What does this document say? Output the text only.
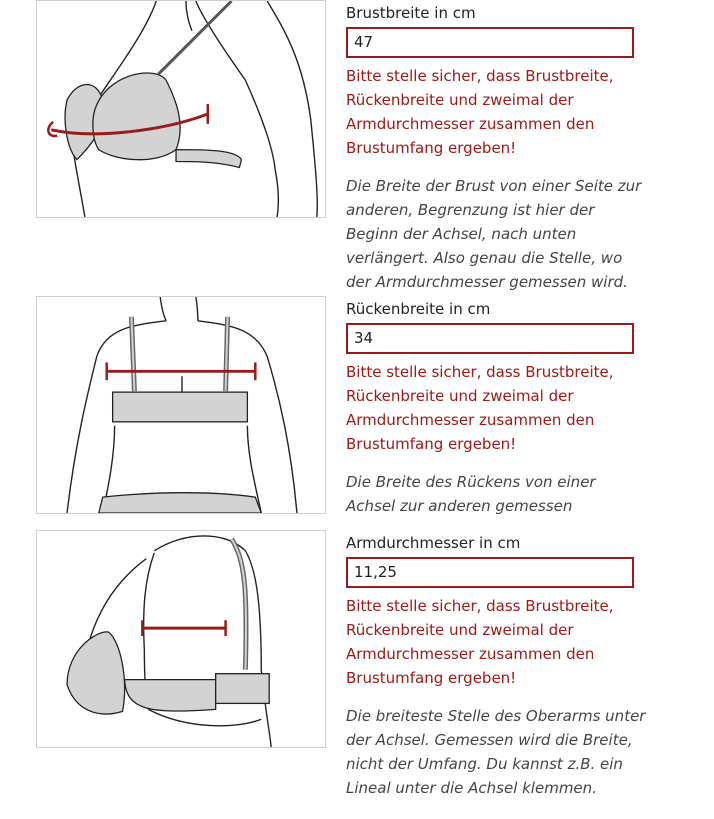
Brustbreite in cm
47
Bitte stelle sicher, dass Brustbreite, Rückenbreite und zweimal der Armdurchmesser zusammen den Brustumfang ergeben!
Die Breite der Brust von einer Seite zur anderen, Begrenzung ist hier der Beginn der Achsel, nach unten verlängert. Also genau die Stelle, wo der Armdurchmesser gemessen wird.
Rückenbreite in cm
34
Bitte stelle sicher, dass Brustbreite, Rückenbreite und zweimal der Armdurchmesser zusammen den Brustumfang ergeben!
Die Breite des Rückens von einer Achsel zur anderen gemessen
Armdurchmesser in cm
11,25
Bitte stelle sicher, dass Brustbreite, Rückenbreite und zweimal der Armdurchmesser zusammen den Brustumfang ergeben!
Die breiteste Stelle des Oberarms unter der Achsel. Gemessen wird die Breite, nicht der Umfang. Du kannst z.B. ein Lineal unter die Achsel klemmen.
